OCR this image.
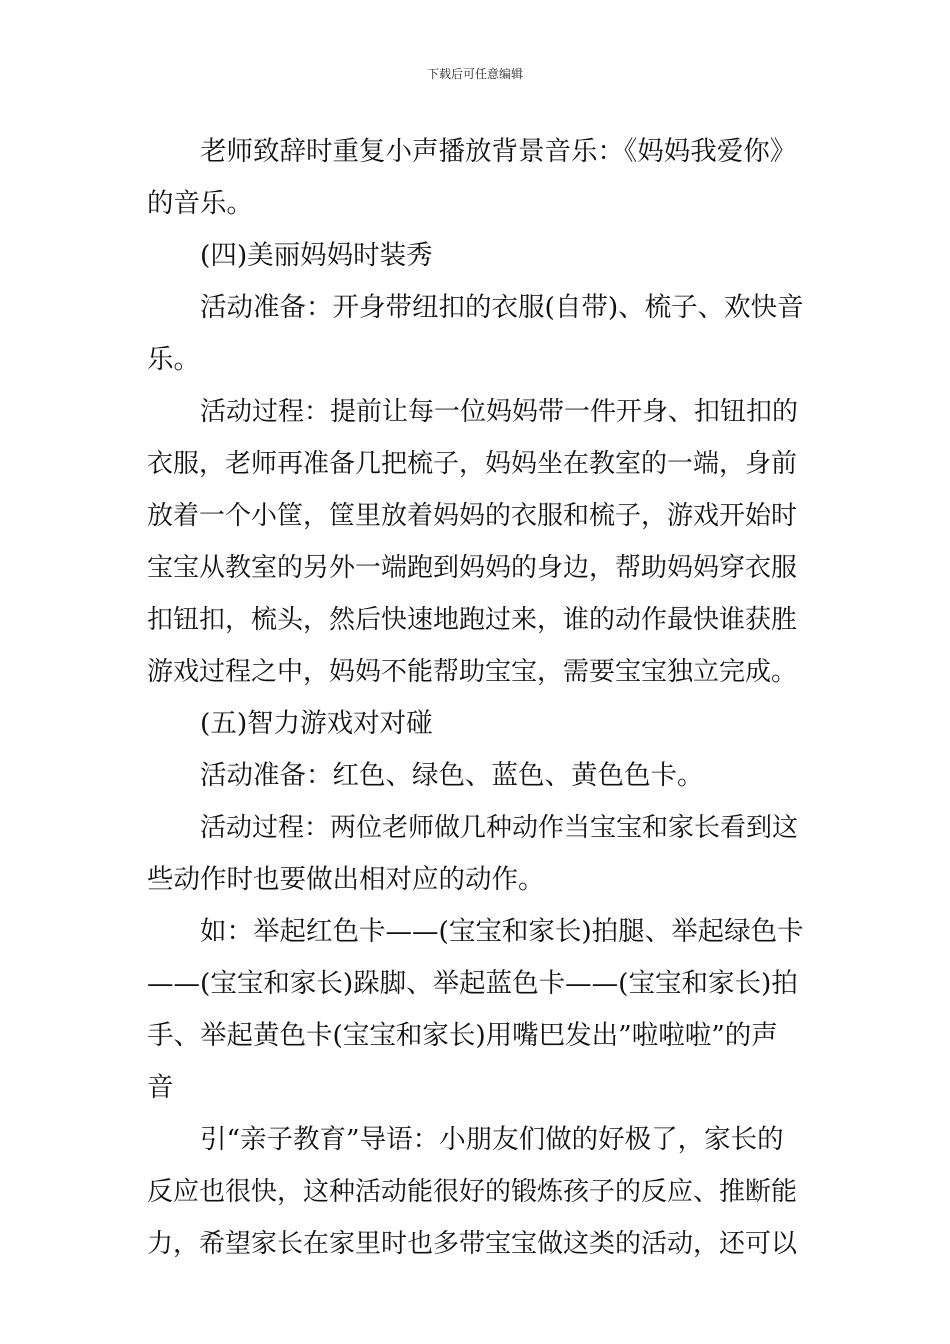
下载后可任意编辑
老师致辞时重复小声播放背景音乐：《妈妈我爱你》
的音乐。
(四)美丽妈妈时装秀
活动准备：开身带纽扣的衣服(自带)、梳子、欢快音
乐。
活动过程：提前让每一位妈妈带一件开身、扣钮扣的
衣服，老师再准备几把梳子，妈妈坐在教室的一端，身前
放着一个小筐，筐里放着妈妈的衣服和梳子，游戏开始时
宝宝从教室的另外一端跑到妈妈的身边，帮助妈妈穿衣服
扣钮扣，梳头，然后快速地跑过来，谁的动作最快谁获胜
游戏过程之中，妈妈不能帮助宝宝，需要宝宝独立完成。
(五)智力游戏对对碰
活动准备：红色、绿色、蓝色、黄色色卡。
活动过程：两位老师做几种动作当宝宝和家长看到这
些动作时也要做出相对应的动作。
如：举起红色卡——(宝宝和家长)拍腿、举起绿色卡
——(宝宝和家长)跺脚、举起蓝色卡——(宝宝和家长)拍
手、举起黄色卡(宝宝和家长)用嘴巴发出”啦啦啦”的声
音
引“亲子教育”导语：小朋友们做的好极了，家长的
反应也很快，这种活动能很好的锻炼孩子的反应、推断能
力，希望家长在家里时也多带宝宝做这类的活动，还可以
